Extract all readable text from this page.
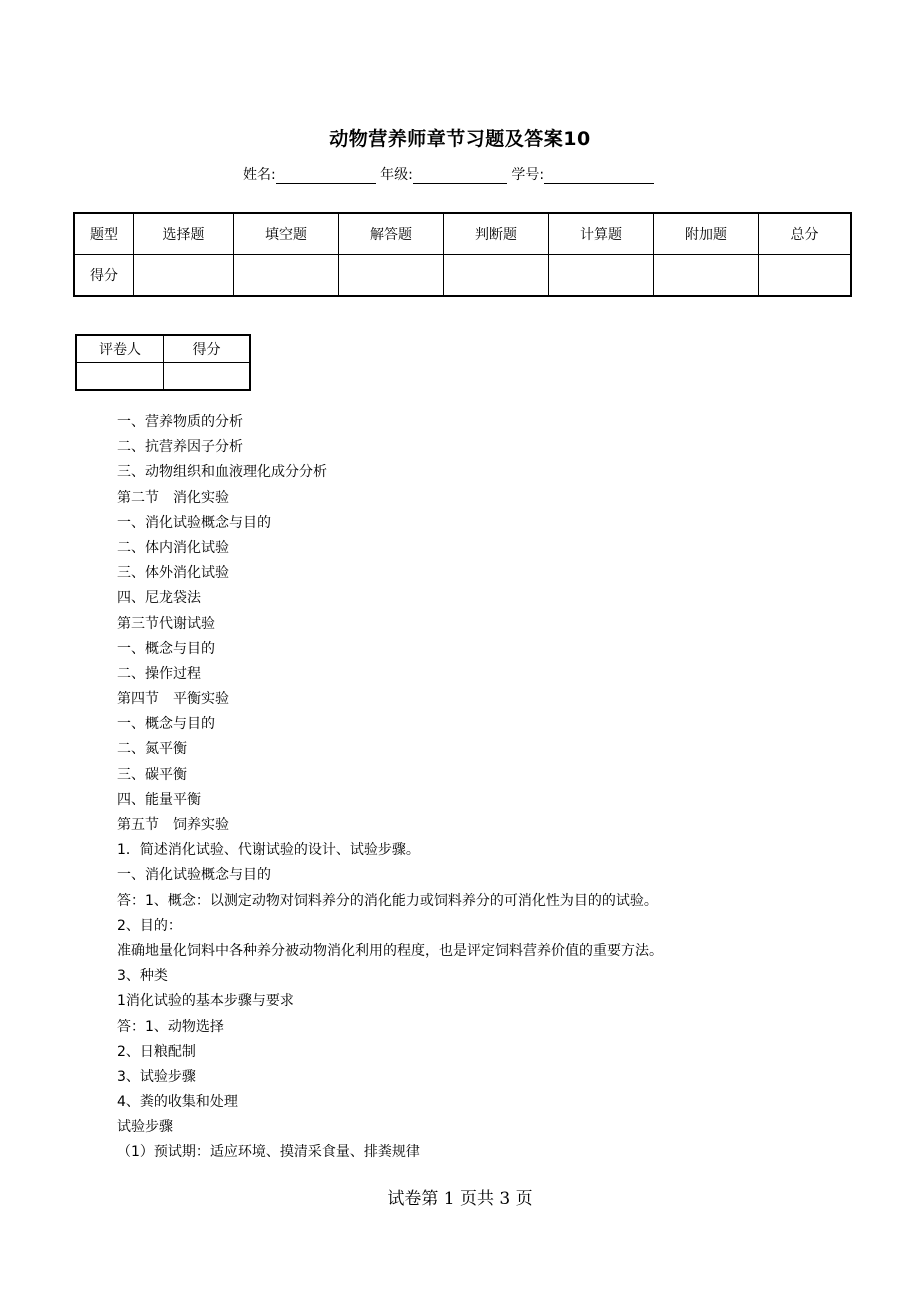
动物营养师章节习题及答案10
姓名:	年级:	学号:
题型	选择题	填空题	解答题	判断题	计算题	附加题	总分
得分							
评卷人	得分

一、营养物质的分析
二、抗营养因子分析
三、动物组织和血液理化成分分析
第二节　消化实验
一、消化试验概念与目的
二、体内消化试验
三、体外消化试验
四、尼龙袋法
第三节代谢试验
一、概念与目的
二、操作过程
第四节　平衡实验
一、概念与目的
二、氮平衡
三、碳平衡
四、能量平衡
第五节　饲养实验
1．简述消化试验、代谢试验的设计、试验步骤。
一、消化试验概念与目的
答：1、概念：以测定动物对饲料养分的消化能力或饲料养分的可消化性为目的的试验。
2、目的：
准确地量化饲料中各种养分被动物消化利用的程度，也是评定饲料营养价值的重要方法。
3、种类
1消化试验的基本步骤与要求
答：1、动物选择
2、日粮配制
3、试验步骤
4、粪的收集和处理
试验步骤
（1）预试期：适应环境、摸清采食量、排粪规律
试卷第 1 页共 3 页
